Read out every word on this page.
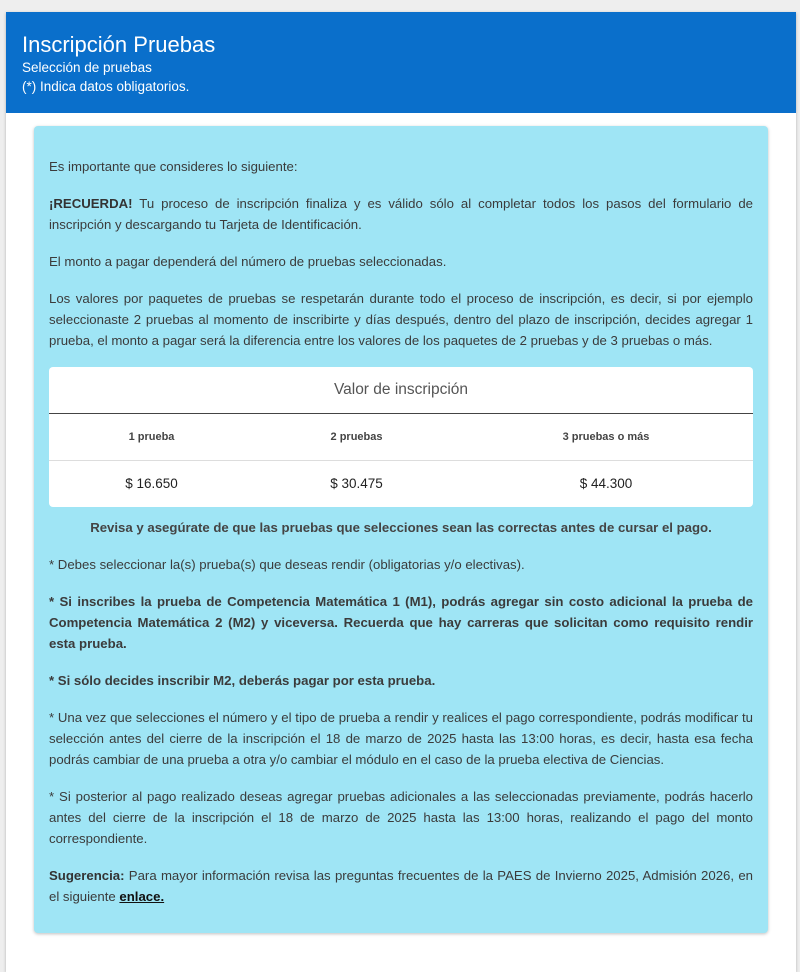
Inscripción Pruebas
Selección de pruebas
(*) Indica datos obligatorios.

Es importante que consideres lo siguiente:

¡RECUERDA! Tu proceso de inscripción finaliza y es válido sólo al completar todos los pasos del formulario de inscripción y descargando tu Tarjeta de Identificación.

El monto a pagar dependerá del número de pruebas seleccionadas.

Los valores por paquetes de pruebas se respetarán durante todo el proceso de inscripción, es decir, si por ejemplo seleccionaste 2 pruebas al momento de inscribirte y días después, dentro del plazo de inscripción, decides agregar 1 prueba, el monto a pagar será la diferencia entre los valores de los paquetes de 2 pruebas y de 3 pruebas o más.

Valor de inscripción
1 prueba	2 pruebas	3 pruebas o más
$ 16.650	$ 30.475	$ 44.300

Revisa y asegúrate de que las pruebas que selecciones sean las correctas antes de cursar el pago.

* Debes seleccionar la(s) prueba(s) que deseas rendir (obligatorias y/o electivas).

* Si inscribes la prueba de Competencia Matemática 1 (M1), podrás agregar sin costo adicional la prueba de Competencia Matemática 2 (M2) y viceversa. Recuerda que hay carreras que solicitan como requisito rendir esta prueba.

* Si sólo decides inscribir M2, deberás pagar por esta prueba.

* Una vez que selecciones el número y el tipo de prueba a rendir y realices el pago correspondiente, podrás modificar tu selección antes del cierre de la inscripción el 18 de marzo de 2025 hasta las 13:00 horas, es decir, hasta esa fecha podrás cambiar de una prueba a otra y/o cambiar el módulo en el caso de la prueba electiva de Ciencias.

* Si posterior al pago realizado deseas agregar pruebas adicionales a las seleccionadas previamente, podrás hacerlo antes del cierre de la inscripción el 18 de marzo de 2025 hasta las 13:00 horas, realizando el pago del monto correspondiente.

Sugerencia: Para mayor información revisa las preguntas frecuentes de la PAES de Invierno 2025, Admisión 2026, en el siguiente enlace.
